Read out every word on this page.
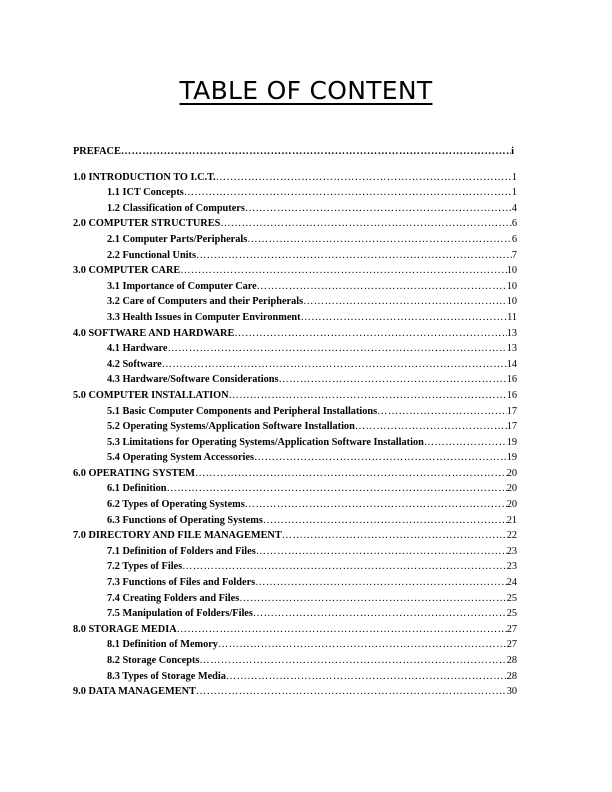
TABLE OF CONTENT
PREFACE ………………………………………………………………………………………………………………………………………………………………	i
1.0 INTRODUCTION TO I.C.T. ………………………………………………………………………………………………………………………………………………………………	1
1.1 ICT Concepts ………………………………………………………………………………………………………………………………………………………………	1
1.2 Classification of Computers ………………………………………………………………………………………………………………………………………………………………	4
2.0 COMPUTER STRUCTURES ………………………………………………………………………………………………………………………………………………………………	6
2.1 Computer Parts/Peripherals ………………………………………………………………………………………………………………………………………………………………	6
2.2 Functional Units ………………………………………………………………………………………………………………………………………………………………	7
3.0 COMPUTER CARE ………………………………………………………………………………………………………………………………………………………………	10
3.1 Importance of Computer Care ………………………………………………………………………………………………………………………………………………………………	10
3.2 Care of Computers and their Peripherals ………………………………………………………………………………………………………………………………………………………………	10
3.3 Health Issues in Computer Environment ………………………………………………………………………………………………………………………………………………………………	11
4.0 SOFTWARE AND HARDWARE ………………………………………………………………………………………………………………………………………………………………	13
4.1 Hardware ………………………………………………………………………………………………………………………………………………………………	13
4.2 Software ………………………………………………………………………………………………………………………………………………………………	14
4.3 Hardware/Software Considerations ………………………………………………………………………………………………………………………………………………………………	16
5.0 COMPUTER INSTALLATION ………………………………………………………………………………………………………………………………………………………………	16
5.1 Basic Computer Components and Peripheral Installations ………………………………………………………………………………………………………………………………………………………………	17
5.2 Operating Systems/Application Software Installation ………………………………………………………………………………………………………………………………………………………………	17
5.3 Limitations for Operating Systems/Application Software Installation ………………………………………………………………………………………………………………………………………………………………	19
5.4 Operating System Accessories ………………………………………………………………………………………………………………………………………………………………	19
6.0 OPERATING SYSTEM ………………………………………………………………………………………………………………………………………………………………	20
6.1 Definition ………………………………………………………………………………………………………………………………………………………………	20
6.2 Types of Operating Systems ………………………………………………………………………………………………………………………………………………………………	20
6.3 Functions of Operating Systems ………………………………………………………………………………………………………………………………………………………………	21
7.0 DIRECTORY AND FILE MANAGEMENT ………………………………………………………………………………………………………………………………………………………………	22
7.1 Definition of Folders and Files ………………………………………………………………………………………………………………………………………………………………	23
7.2 Types of Files ………………………………………………………………………………………………………………………………………………………………	23
7.3 Functions of Files and Folders ………………………………………………………………………………………………………………………………………………………………	24
7.4 Creating Folders and Files ………………………………………………………………………………………………………………………………………………………………	25
7.5 Manipulation of Folders/Files ………………………………………………………………………………………………………………………………………………………………	25
8.0 STORAGE MEDIA ………………………………………………………………………………………………………………………………………………………………	27
8.1 Definition of Memory ………………………………………………………………………………………………………………………………………………………………	27
8.2 Storage Concepts ………………………………………………………………………………………………………………………………………………………………	28
8.3 Types of Storage Media ………………………………………………………………………………………………………………………………………………………………	28
9.0 DATA MANAGEMENT ………………………………………………………………………………………………………………………………………………………………	30
